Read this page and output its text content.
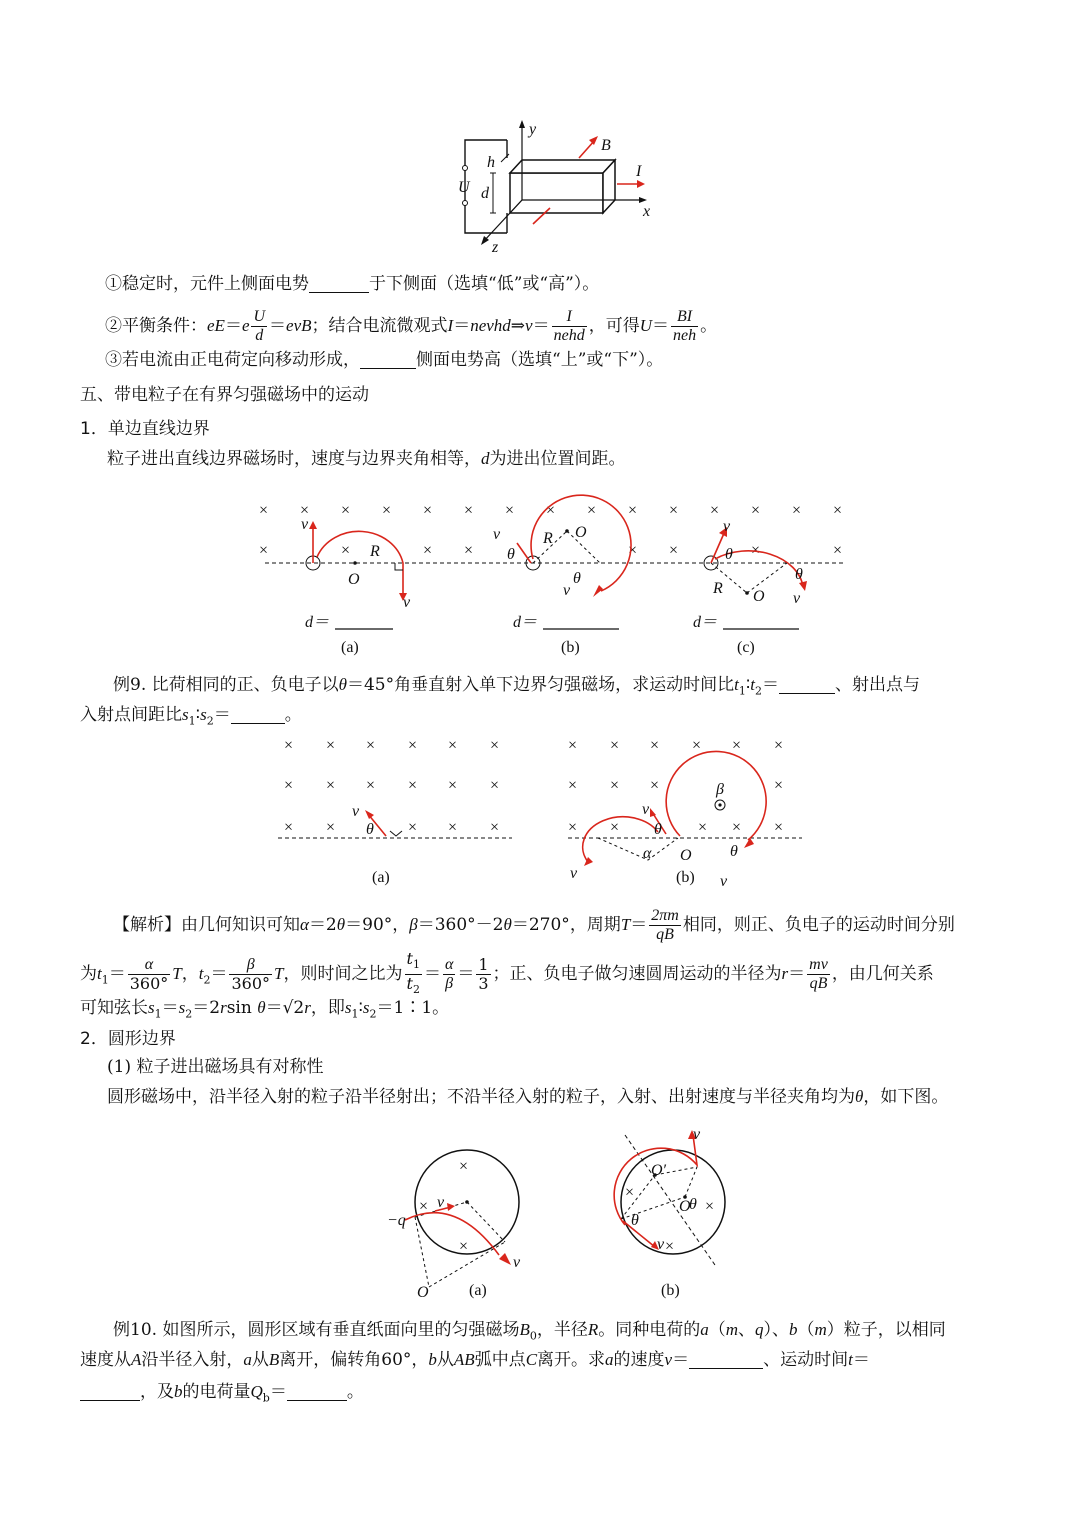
y
B
h
d
U
I
x
z
①稳定时，元件上侧面电势	于下侧面（选填“低”或“高”）。
②平衡条件：$eE=e \frac{U}{d} =evB$；结合电流微观式I＝nevhd⇒v＝ $\frac{I}{\text{nehd}}$ ，可得$U= \frac{BI}{\text{neh}}$ 。
③若电流由正电荷定向移动形成，	侧面电势高（选填“上”或“下”）。
五、带电粒子在有界匀强磁场中的运动
1．单边直线边界
粒子进出直线边界磁场时，速度与边界夹角相等，d为进出位置间距。
× × × × × × × × × × × × × × ×
×	×	× ×	× ×	×	×
v
R
O
v
v
θ
R O
θ
v
v
θ
R O
θ
v
d＝	d＝	d＝
(a)	(b)	(c)
例9. 比荷相同的正、负电子以θ＝45°角垂直射入单下边界匀强磁场，求运动时间比$t_1∶t_2=$	、射出点与
入射点间距比$s_1∶s_2=$	。
× × × × × ×
× × × × × ×
× ×	× × ×
× × × × × ×
× × ×	×
× ×	× × ×
v
θ
(a)
v
θ
α O
β
θ
v	v
(b)
【解析】由几何知识可知α＝2θ＝90°，β＝360°－2θ＝270°，周期$T= \frac{2\pi m}{qB}$ 相同，则正、负电子的运动时间分别
为$t_1= \frac{\alpha}{360^\circ}$ T，$t_2= \frac{\beta}{360^\circ}$ T，则时间之比为 $\frac{t_1}{t_2} = \frac{\alpha}{\beta} = \frac{1}{3}$ ；正、负电子做匀速圆周运动的半径为$r= \frac{mv}{qB}$ ，由几何关系
可知弦长$s_1=s_2=2rsin$ θ＝√2r，即$s_1∶s_2=1∶1$。
2．圆形边界
(1) 粒子进出磁场具有对称性
圆形磁场中，沿半径入射的粒子沿半径射出；不沿半径入射的粒子，入射、出射速度与半径夹角均为θ，如下图。
×
×
×
−q
v
v
O	(a)
×
×
×
v
O′
θ
O
θ
v
(b)
例10. 如图所示，圆形区域有垂直纸面向里的匀强磁场$B_0$，半径R。同种电荷的a（m、q）、b（m）粒子，以相同
速度从A沿半径入射，a从B离开，偏转角60°，b从AB弧中点C离开。求a的速度v＝	、运动时间t＝
，及b的电荷量$Q_b=$	。
